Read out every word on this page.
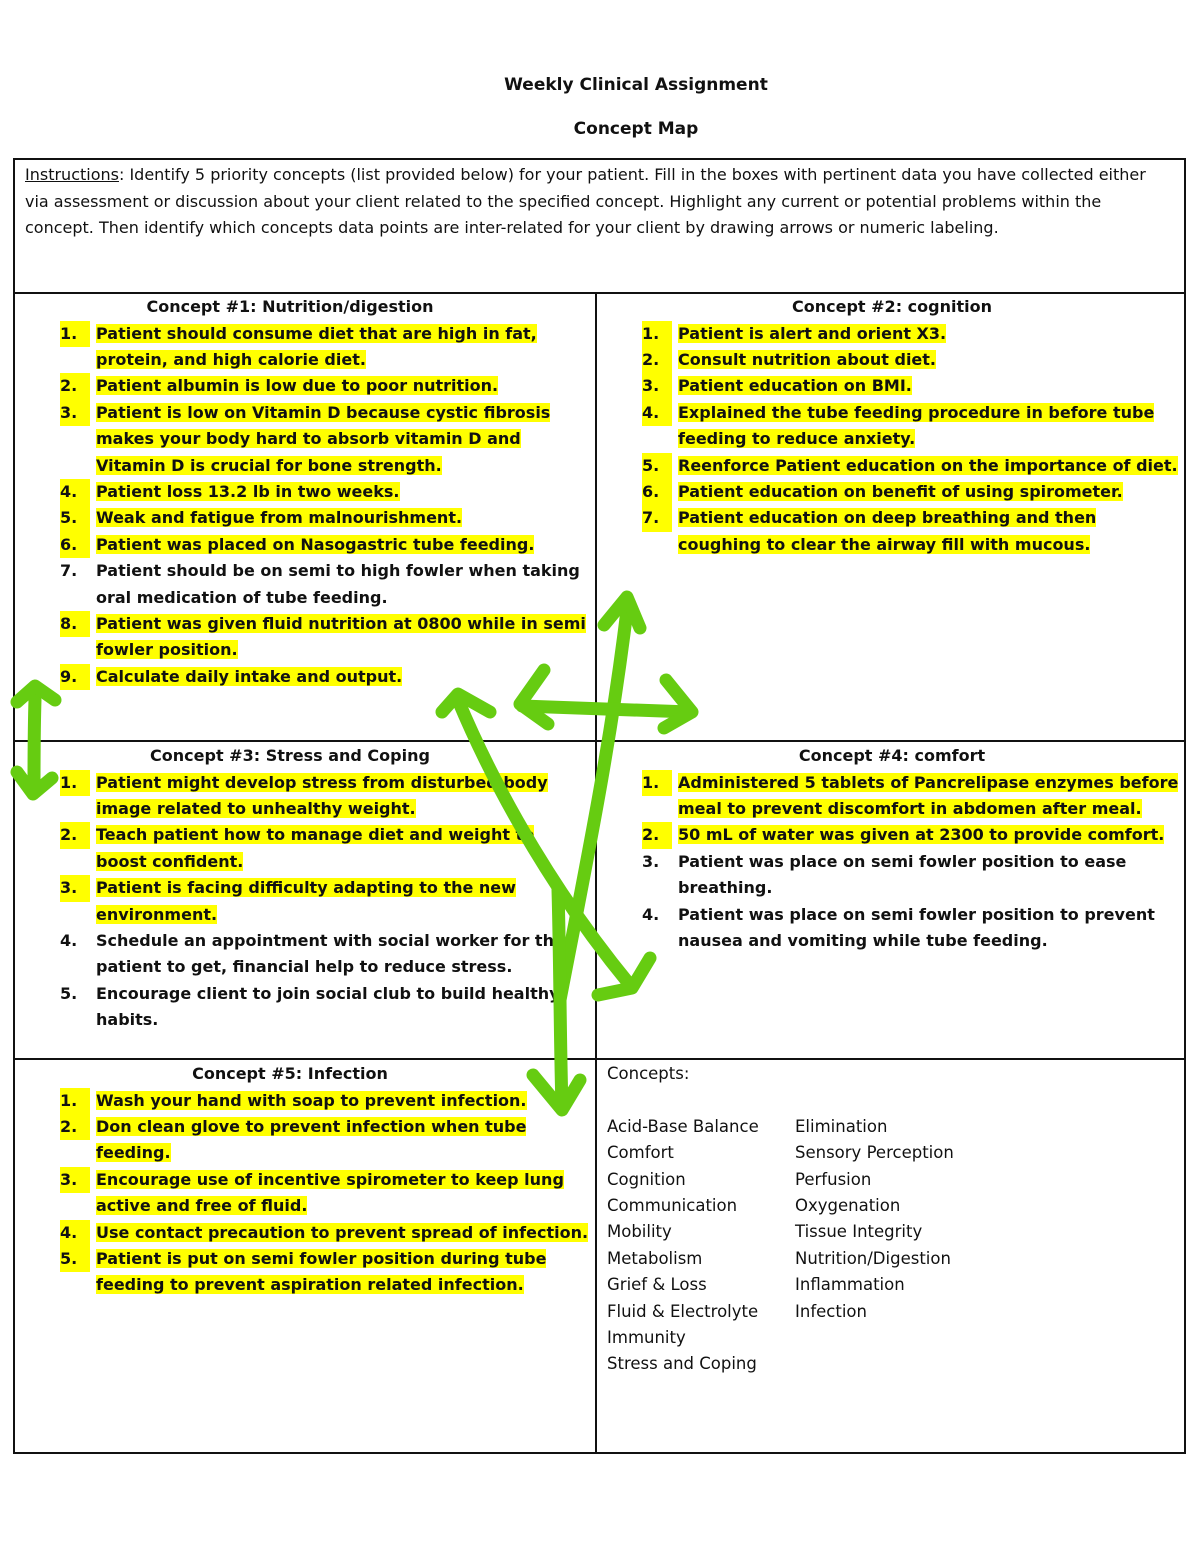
Weekly Clinical Assignment
Concept Map

Instructions: Identify 5 priority concepts (list provided below) for your patient. Fill in the boxes with pertinent data you have collected either via assessment or discussion about your client related to the specified concept. Highlight any current or potential problems within the concept. Then identify which concepts data points are inter-related for your client by drawing arrows or numeric labeling.

Concept #1: Nutrition/digestion
1.	Patient should consume diet that are high in fat, protein, and high calorie diet.
2.	Patient albumin is low due to poor nutrition.
3.	Patient is low on Vitamin D because cystic fibrosis makes your body hard to absorb vitamin D and Vitamin D is crucial for bone strength.
4.	Patient loss 13.2 lb in two weeks.
5.	Weak and fatigue from malnourishment.
6.	Patient was placed on Nasogastric tube feeding.
7.	Patient should be on semi to high fowler when taking oral medication of tube feeding.
8.	Patient was given fluid nutrition at 0800 while in semi fowler position.
9.	Calculate daily intake and output.
Concept #2: cognition
1.	Patient is alert and orient X3.
2.	Consult nutrition about diet.
3.	Patient education on BMI.
4.	Explained the tube feeding procedure in before tube feeding to reduce anxiety.
5.	Reenforce Patient education on the importance of diet.
6.	Patient education on benefit of using spirometer.
7.	Patient education on deep breathing and then coughing to clear the airway fill with mucous.
Concept #3: Stress and Coping
1.	Patient might develop stress from disturbed body image related to unhealthy weight.
2.	Teach patient how to manage diet and weight to boost confident.
3.	Patient is facing difficulty adapting to the new environment.
4.	Schedule an appointment with social worker for the patient to get, financial help to reduce stress.
5.	Encourage client to join social club to build healthy habits.
Concept #4: comfort
1.	Administered 5 tablets of Pancrelipase enzymes before meal to prevent discomfort in abdomen after meal.
2.	50 mL of water was given at 2300 to provide comfort.
3.	Patient was place on semi fowler position to ease breathing.
4.	Patient was place on semi fowler position to prevent nausea and vomiting while tube feeding.
Concept #5: Infection
1.	Wash your hand with soap to prevent infection.
2.	Don clean glove to prevent infection when tube feeding.
3.	Encourage use of incentive spirometer to keep lung active and free of fluid.
4.	Use contact precaution to prevent spread of infection.
5.	Patient is put on semi fowler position during tube feeding to prevent aspiration related infection.
Concepts:
Acid-Base Balance
Comfort
Cognition
Communication
Mobility
Metabolism
Grief & Loss
Fluid & Electrolyte
Immunity
Stress and Coping
Elimination
Sensory Perception
Perfusion
Oxygenation
Tissue Integrity
Nutrition/Digestion
Inflammation
Infection
